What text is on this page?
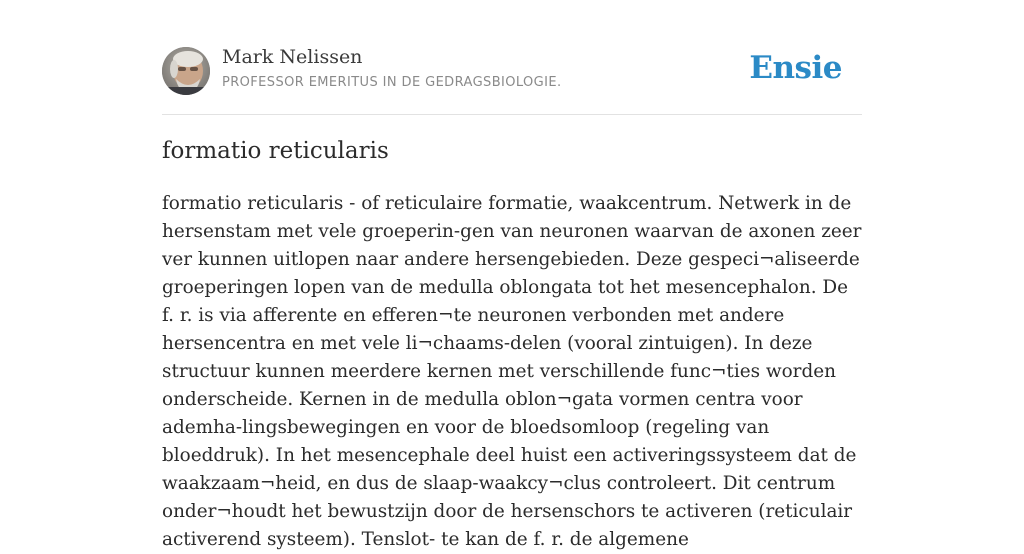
Mark Nelissen
PROFESSOR EMERITUS IN DE GEDRAGSBIOLOGIE.	Ensie
formatio reticularis

formatio reticularis - of reticulaire formatie, waakcentrum. Netwerk in de hersenstam met vele groeperin-gen van neuronen waarvan de axonen zeer ver kunnen uitlopen naar andere hersengebieden. Deze gespeci¬aliseerde groeperingen lopen van de medulla oblongata tot het mesencephalon. De f. r. is via afferente en efferen¬te neuronen verbonden met andere hersencentra en met vele li¬chaams-delen (vooral zintuigen). In deze structuur kunnen meerdere kernen met verschillende func¬ties worden onderscheide. Kernen in de medulla oblon¬gata vormen centra voor ademha-lingsbewegingen en voor de bloedsomloop (regeling van bloeddruk). In het mesencephale deel huist een activeringssysteem dat de waakzaam¬heid, en dus de slaap-waakcy¬clus controleert. Dit centrum onder¬houdt het bewustzijn door de hersenschors te activeren (reticulair activerend systeem). Tenslot- te kan de f. r. de algemene
